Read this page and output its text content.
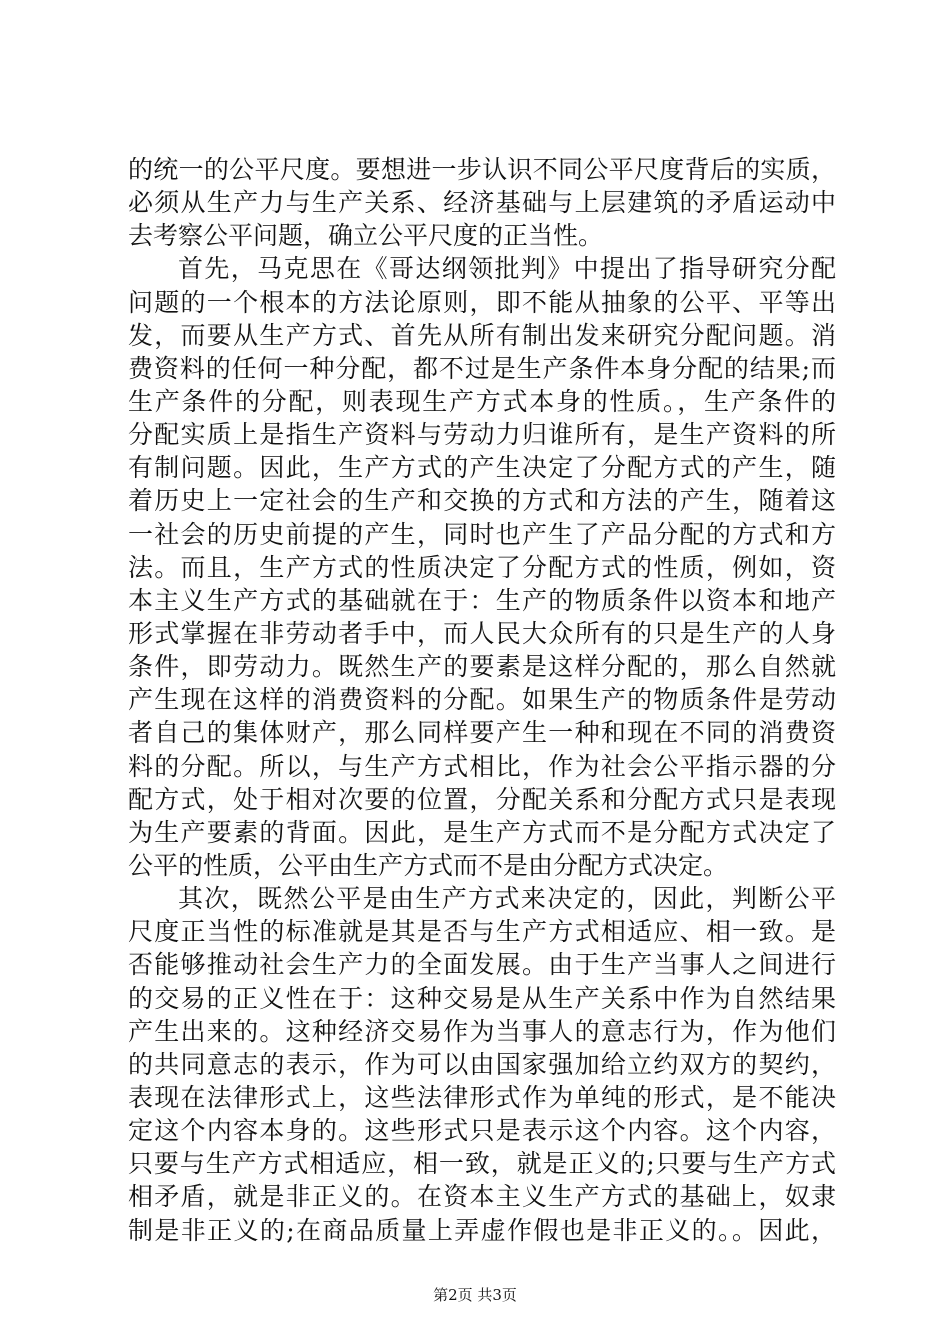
的统一的公平尺度。要想进一步认识不同公平尺度背后的实质，
必须从生产力与生产关系、经济基础与上层建筑的矛盾运动中
去考察公平问题，确立公平尺度的正当性。
首先，马克思在《哥达纲领批判》中提出了指导研究分配
问题的一个根本的方法论原则，即不能从抽象的公平、平等出
发，而要从生产方式、首先从所有制出发来研究分配问题。消
费资料的任何一种分配，都不过是生产条件本身分配的结果;而
生产条件的分配，则表现生产方式本身的性质。，生产条件的
分配实质上是指生产资料与劳动力归谁所有，是生产资料的所
有制问题。因此，生产方式的产生决定了分配方式的产生，随
着历史上一定社会的生产和交换的方式和方法的产生，随着这
一社会的历史前提的产生，同时也产生了产品分配的方式和方
法。而且，生产方式的性质决定了分配方式的性质，例如，资
本主义生产方式的基础就在于：生产的物质条件以资本和地产
形式掌握在非劳动者手中，而人民大众所有的只是生产的人身
条件，即劳动力。既然生产的要素是这样分配的，那么自然就
产生现在这样的消费资料的分配。如果生产的物质条件是劳动
者自己的集体财产，那么同样要产生一种和现在不同的消费资
料的分配。所以，与生产方式相比，作为社会公平指示器的分
配方式，处于相对次要的位置，分配关系和分配方式只是表现
为生产要素的背面。因此，是生产方式而不是分配方式决定了
公平的性质，公平由生产方式而不是由分配方式决定。
其次，既然公平是由生产方式来决定的，因此，判断公平
尺度正当性的标准就是其是否与生产方式相适应、相一致。是
否能够推动社会生产力的全面发展。由于生产当事人之间进行
的交易的正义性在于：这种交易是从生产关系中作为自然结果
产生出来的。这种经济交易作为当事人的意志行为，作为他们
的共同意志的表示，作为可以由国家强加给立约双方的契约，
表现在法律形式上，这些法律形式作为单纯的形式，是不能决
定这个内容本身的。这些形式只是表示这个内容。这个内容，
只要与生产方式相适应，相一致，就是正义的;只要与生产方式
相矛盾，就是非正义的。在资本主义生产方式的基础上，奴隶
制是非正义的;在商品质量上弄虚作假也是非正义的。。因此，
第2页 共3页
